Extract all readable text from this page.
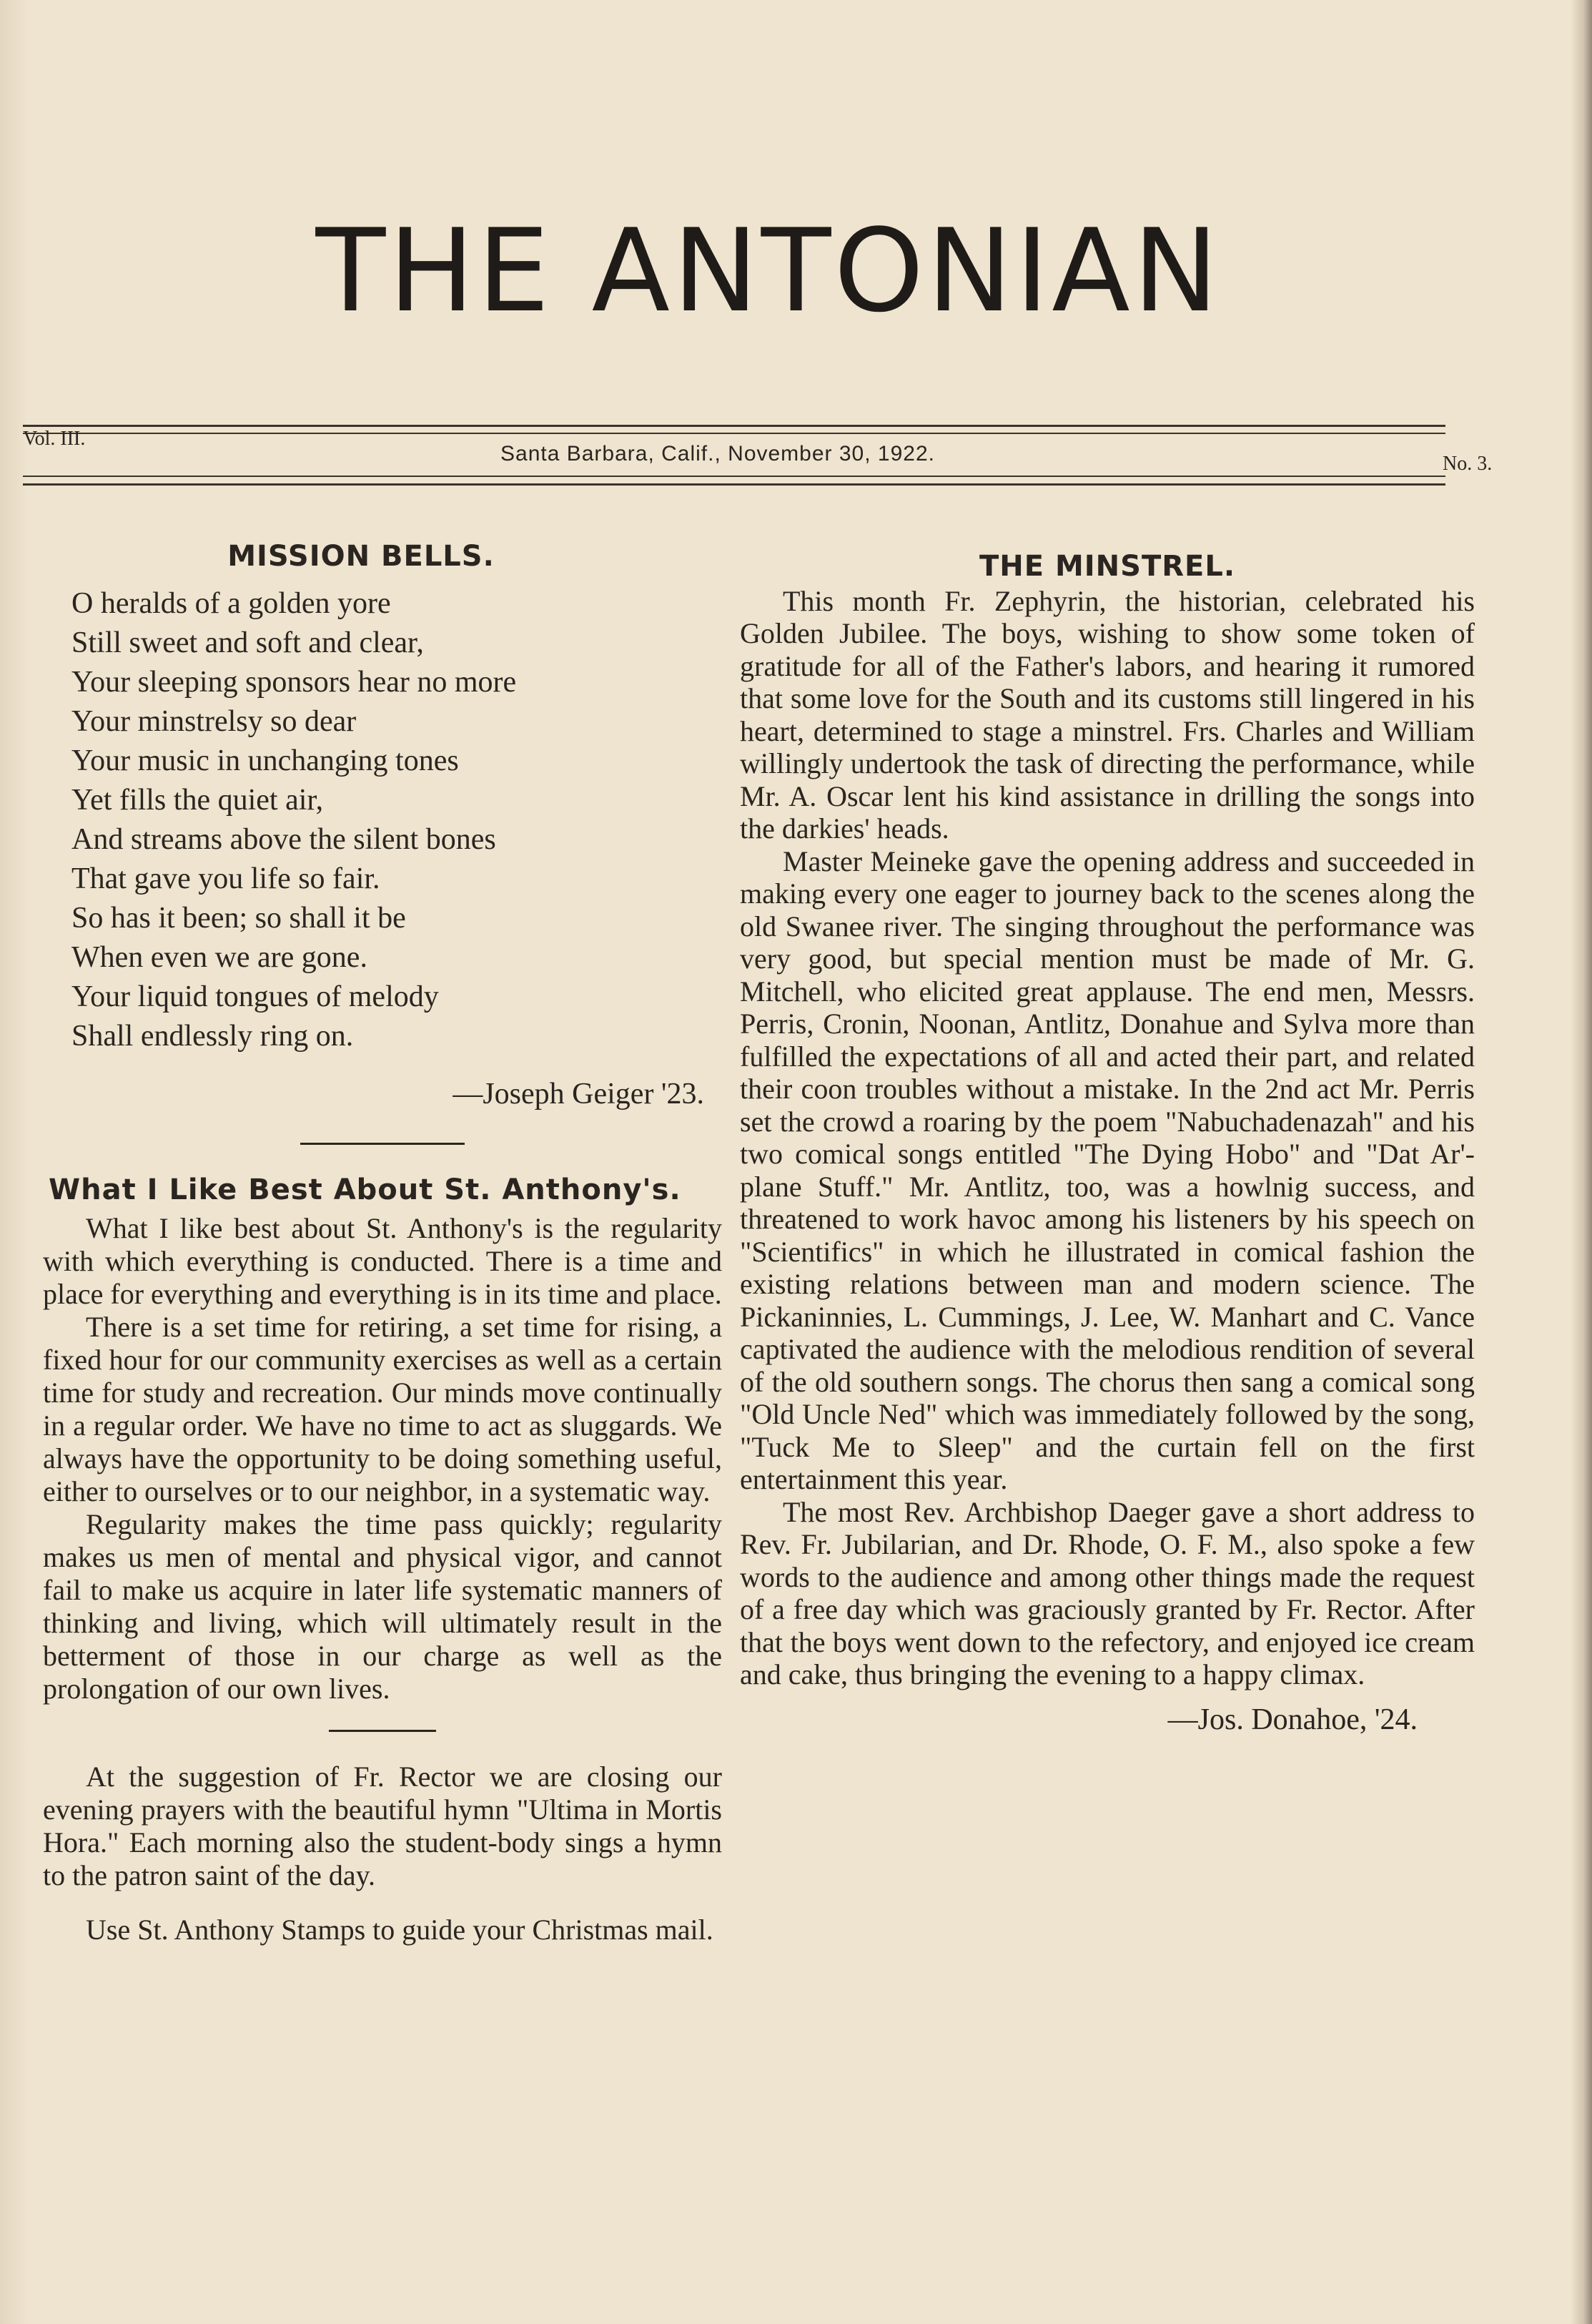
THE ANTONIAN
Vol. III.
Santa Barbara, Calif., November 30, 1922.	No. 3.
MISSION BELLS.

O heralds of a golden yore

Still sweet and soft and clear,

Your sleeping sponsors hear no more

Your minstrelsy so dear

Your music in unchanging tones

Yet fills the quiet air,

And streams above the silent bones

That gave you life so fair.

So has it been; so shall it be

When even we are gone.

Your liquid tongues of melody

Shall endlessly ring on.

—Joseph Geiger '23.

What I Like Best About St. Anthony's.

What I like best about St. Anthony's is the regularity with which everything is conducted. There is a time and place for everything and everything is in its time and place.

There is a set time for retiring, a set time for rising, a fixed hour for our community exercises as well as a certain time for study and recreation. Our minds move continually in a regular order. We have no time to act as sluggards. We always have the opportunity to be doing something useful, either to ourselves or to our neighbor, in a systematic way.

Regularity makes the time pass quickly; regularity makes us men of mental and physical vigor, and cannot fail to make us acquire in later life systematic manners of thinking and living, which will ultimately result in the betterment of those in our charge as well as the prolongation of our own lives.

At the suggestion of Fr. Rector we are closing our evening prayers with the beautiful hymn "Ultima in Mortis Hora." Each morning also the student-body sings a hymn to the patron saint of the day.

Use St. Anthony Stamps to guide your Christmas mail.

THE MINSTREL.

This month Fr. Zephyrin, the historian, celebrated his Golden Jubilee. The boys, wishing to show some token of gratitude for all of the Father's labors, and hearing it rumored that some love for the South and its customs still lingered in his heart, determined to stage a minstrel. Frs. Charles and William willingly undertook the task of directing the performance, while Mr. A. Oscar lent his kind assistance in drilling the songs into the darkies' heads.

Master Meineke gave the opening address and succeeded in making every one eager to journey back to the scenes along the old Swanee river. The singing throughout the performance was very good, but special mention must be made of Mr. G. Mitchell, who elicited great applause. The end men, Messrs. Perris, Cronin, Noonan, Antlitz, Donahue and Sylva more than fulfilled the expectations of all and acted their part, and related their coon troubles without a mistake. In the 2nd act Mr. Perris set the crowd a roaring by the poem "Nabuchadenazah" and his two comical songs entitled "The Dying Hobo" and "Dat Ar'-plane Stuff." Mr. Antlitz, too, was a howlnig success, and threatened to work havoc among his listeners by his speech on "Scientifics" in which he illustrated in comical fashion the existing relations between man and modern science. The Pickaninnies, L. Cummings, J. Lee, W. Manhart and C. Vance captivated the audience with the melodious rendition of several of the old southern songs. The chorus then sang a comical song "Old Uncle Ned" which was immediately followed by the song, "Tuck Me to Sleep" and the curtain fell on the first entertainment this year.

The most Rev. Archbishop Daeger gave a short address to Rev. Fr. Jubilarian, and Dr. Rhode, O. F. M., also spoke a few words to the audience and among other things made the request of a free day which was graciously granted by Fr. Rector. After that the boys went down to the refectory, and enjoyed ice cream and cake, thus bringing the evening to a happy climax.

—Jos. Donahoe, '24.
